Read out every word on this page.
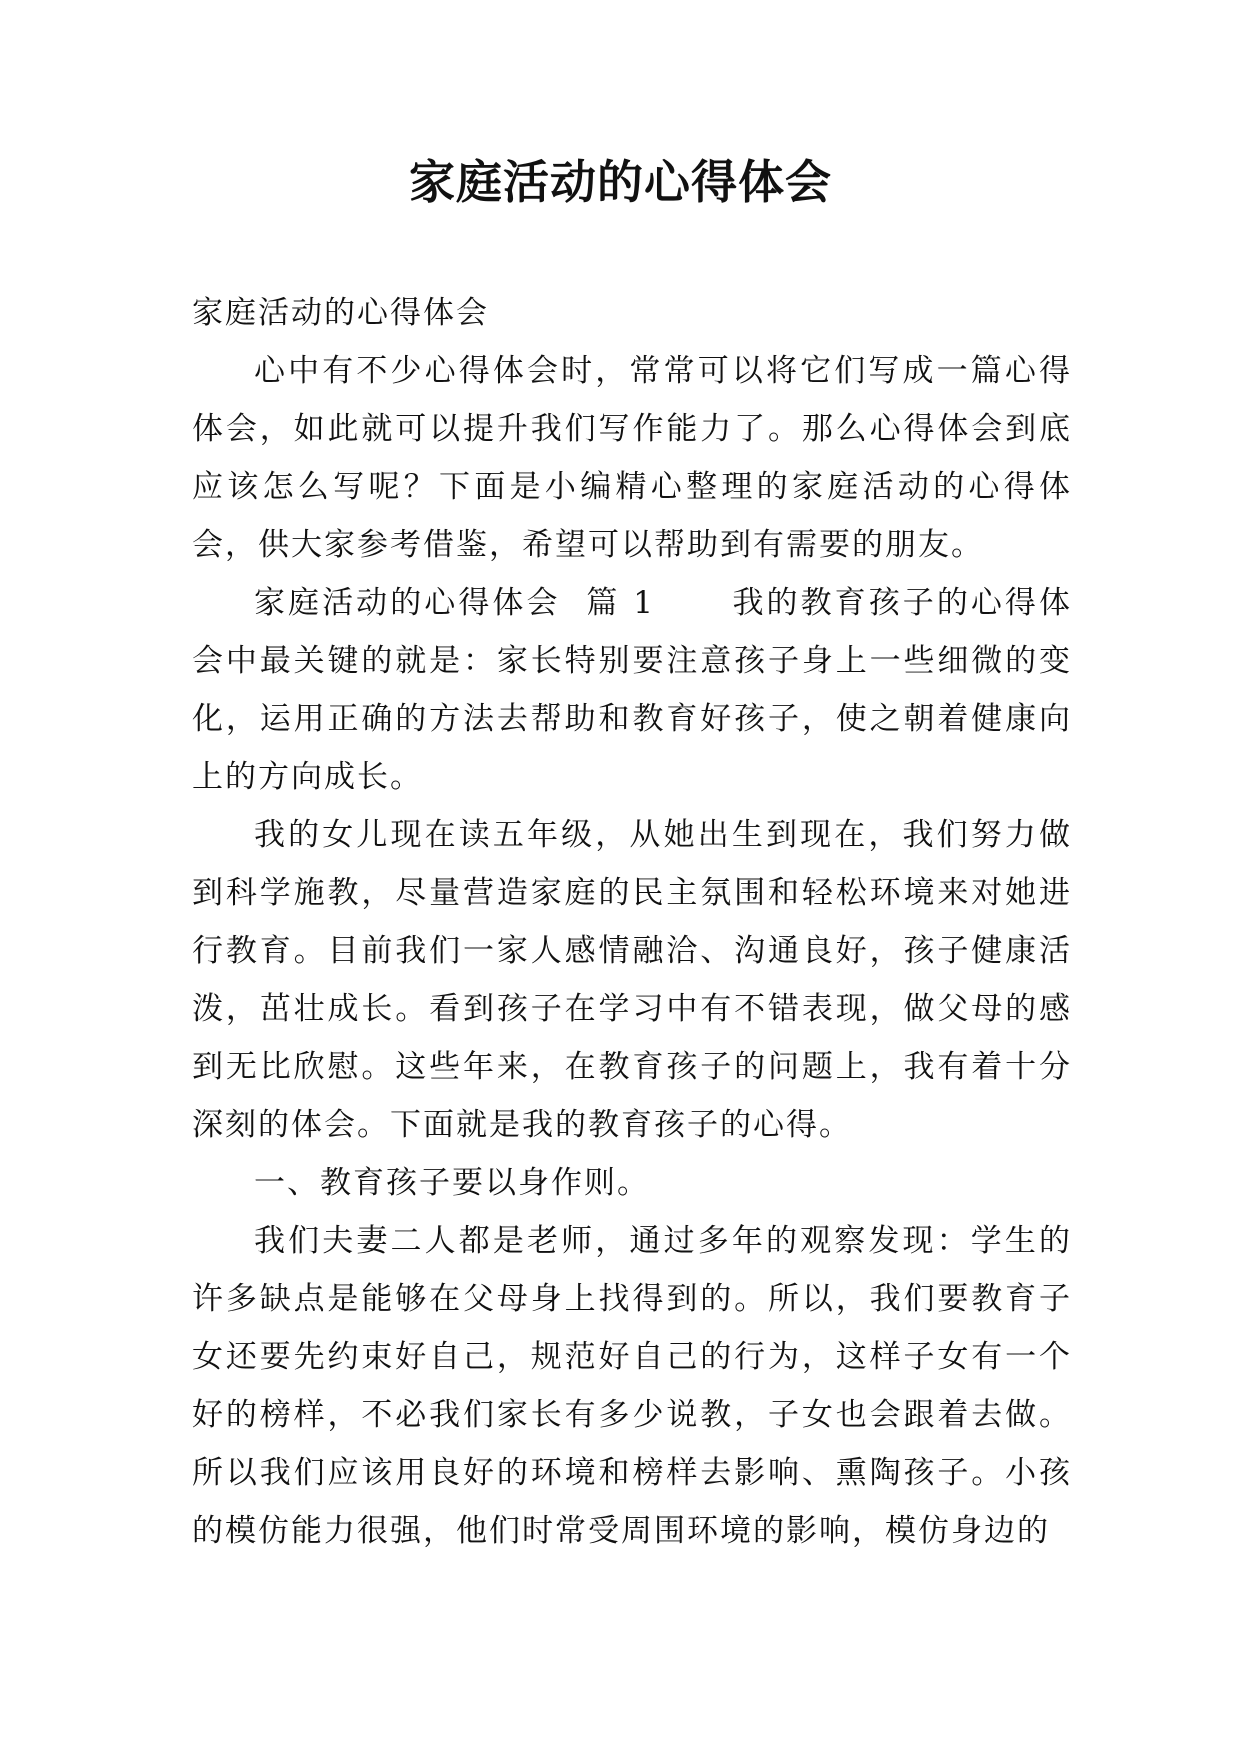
家庭活动的心得体会

家庭活动的心得体会

心中有不少心得体会时，常常可以将它们写成一篇心得体会，如此就可以提升我们写作能力了。那么心得体会到底应该怎么写呢？下面是小编精心整理的家庭活动的心得体会，供大家参考借鉴，希望可以帮助到有需要的朋友。

家庭活动的心得体会  篇 1      我的教育孩子的心得体会中最关键的就是：家长特别要注意孩子身上一些细微的变化，运用正确的方法去帮助和教育好孩子，使之朝着健康向上的方向成长。

我的女儿现在读五年级，从她出生到现在，我们努力做到科学施教，尽量营造家庭的民主氛围和轻松环境来对她进行教育。目前我们一家人感情融洽、沟通良好，孩子健康活泼，茁壮成长。看到孩子在学习中有不错表现，做父母的感到无比欣慰。这些年来，在教育孩子的问题上，我有着十分深刻的体会。下面就是我的教育孩子的心得。

一、教育孩子要以身作则。

我们夫妻二人都是老师，通过多年的观察发现：学生的许多缺点是能够在父母身上找得到的。所以，我们要教育子女还要先约束好自己，规范好自己的行为，这样子女有一个好的榜样，不必我们家长有多少说教，子女也会跟着去做。所以我们应该用良好的环境和榜样去影响、熏陶孩子。小孩的模仿能力很强，他们时常受周围环境的影响，模仿身边的
